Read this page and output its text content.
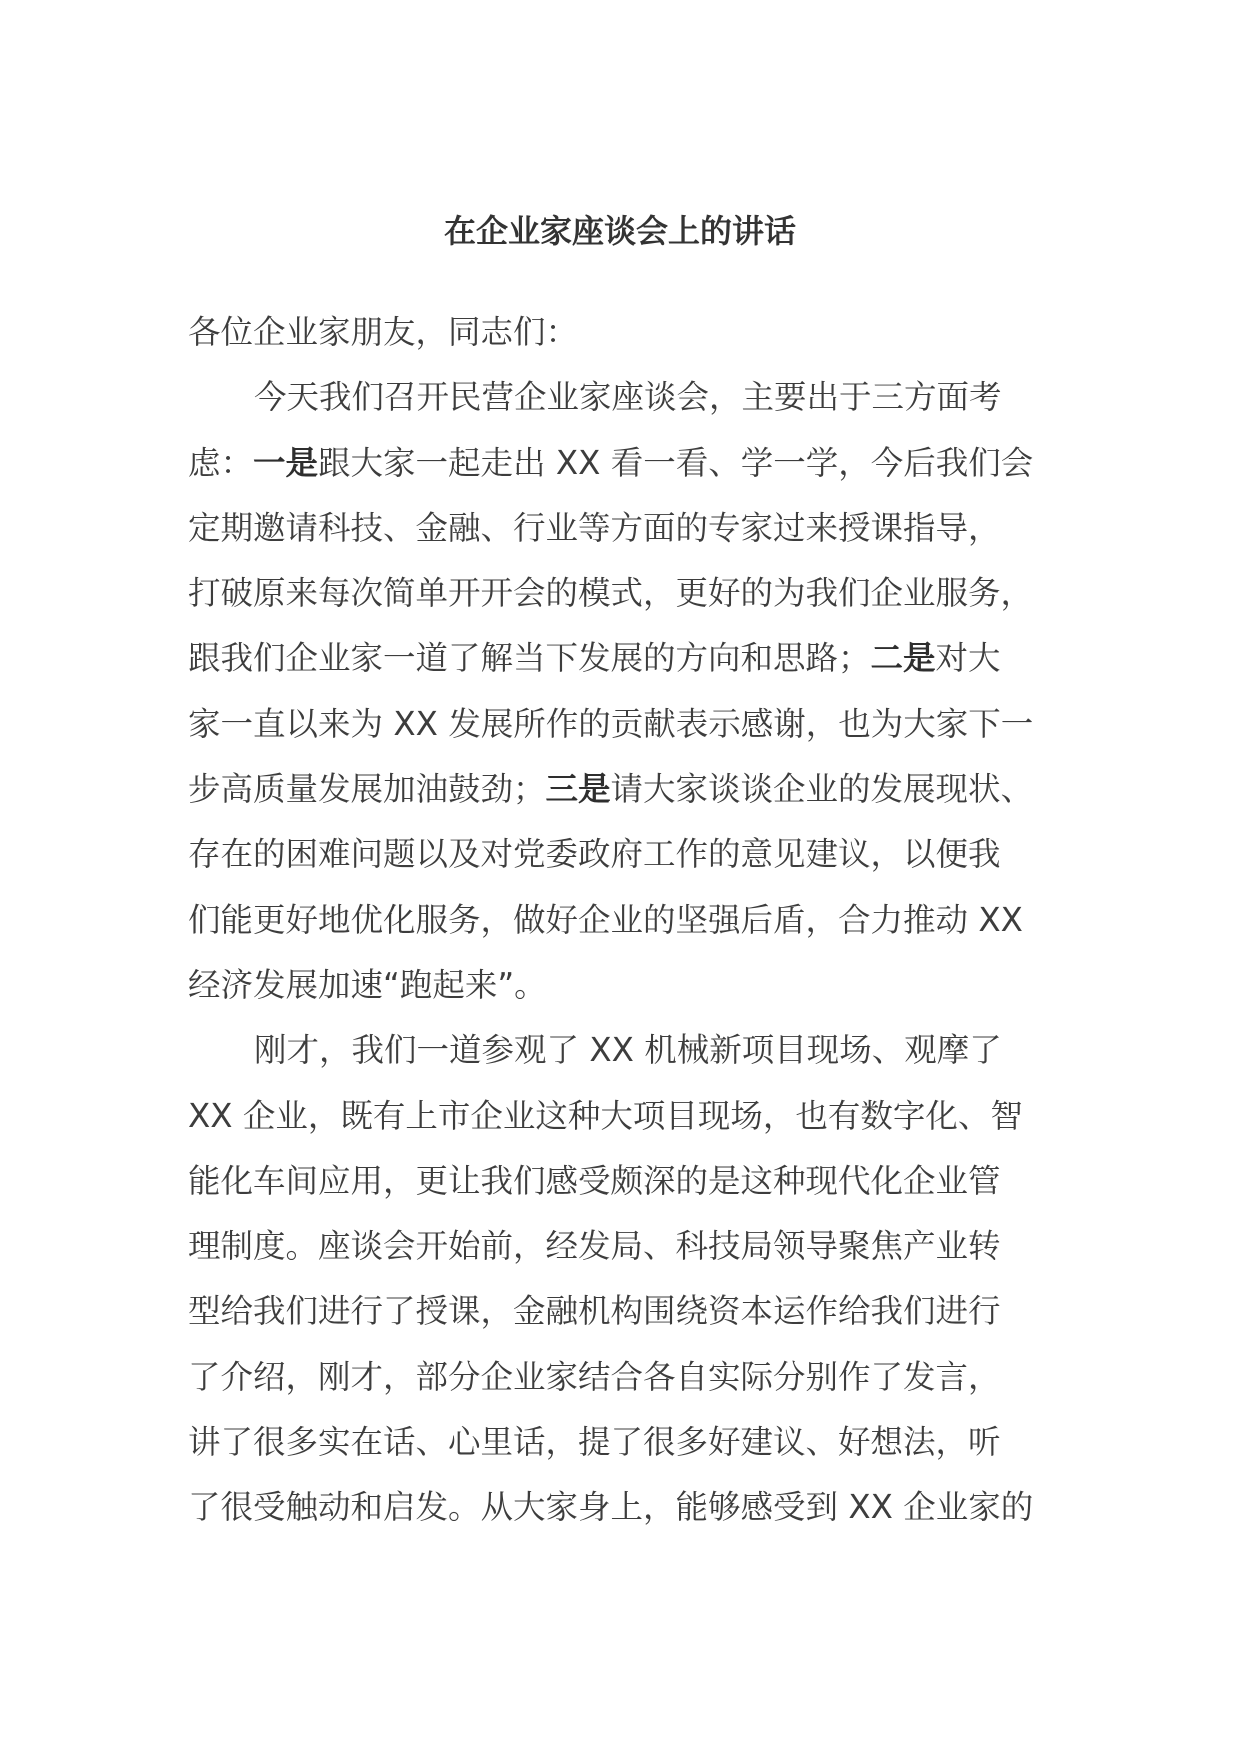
在企业家座谈会上的讲话
各位企业家朋友，同志们：
今天我们召开民营企业家座谈会，主要出于三方面考
虑：一是跟大家一起走出 XX 看一看、学一学，今后我们会
定期邀请科技、金融、行业等方面的专家过来授课指导，
打破原来每次简单开开会的模式，更好的为我们企业服务，
跟我们企业家一道了解当下发展的方向和思路；二是对大
家一直以来为 XX 发展所作的贡献表示感谢，也为大家下一
步高质量发展加油鼓劲；三是请大家谈谈企业的发展现状、
存在的困难问题以及对党委政府工作的意见建议，以便我
们能更好地优化服务，做好企业的坚强后盾，合力推动 XX
经济发展加速“跑起来”。
刚才，我们一道参观了 XX 机械新项目现场、观摩了
XX 企业，既有上市企业这种大项目现场，也有数字化、智
能化车间应用，更让我们感受颇深的是这种现代化企业管
理制度。座谈会开始前，经发局、科技局领导聚焦产业转
型给我们进行了授课，金融机构围绕资本运作给我们进行
了介绍，刚才，部分企业家结合各自实际分别作了发言，
讲了很多实在话、心里话，提了很多好建议、好想法，听
了很受触动和启发。从大家身上，能够感受到 XX 企业家的
